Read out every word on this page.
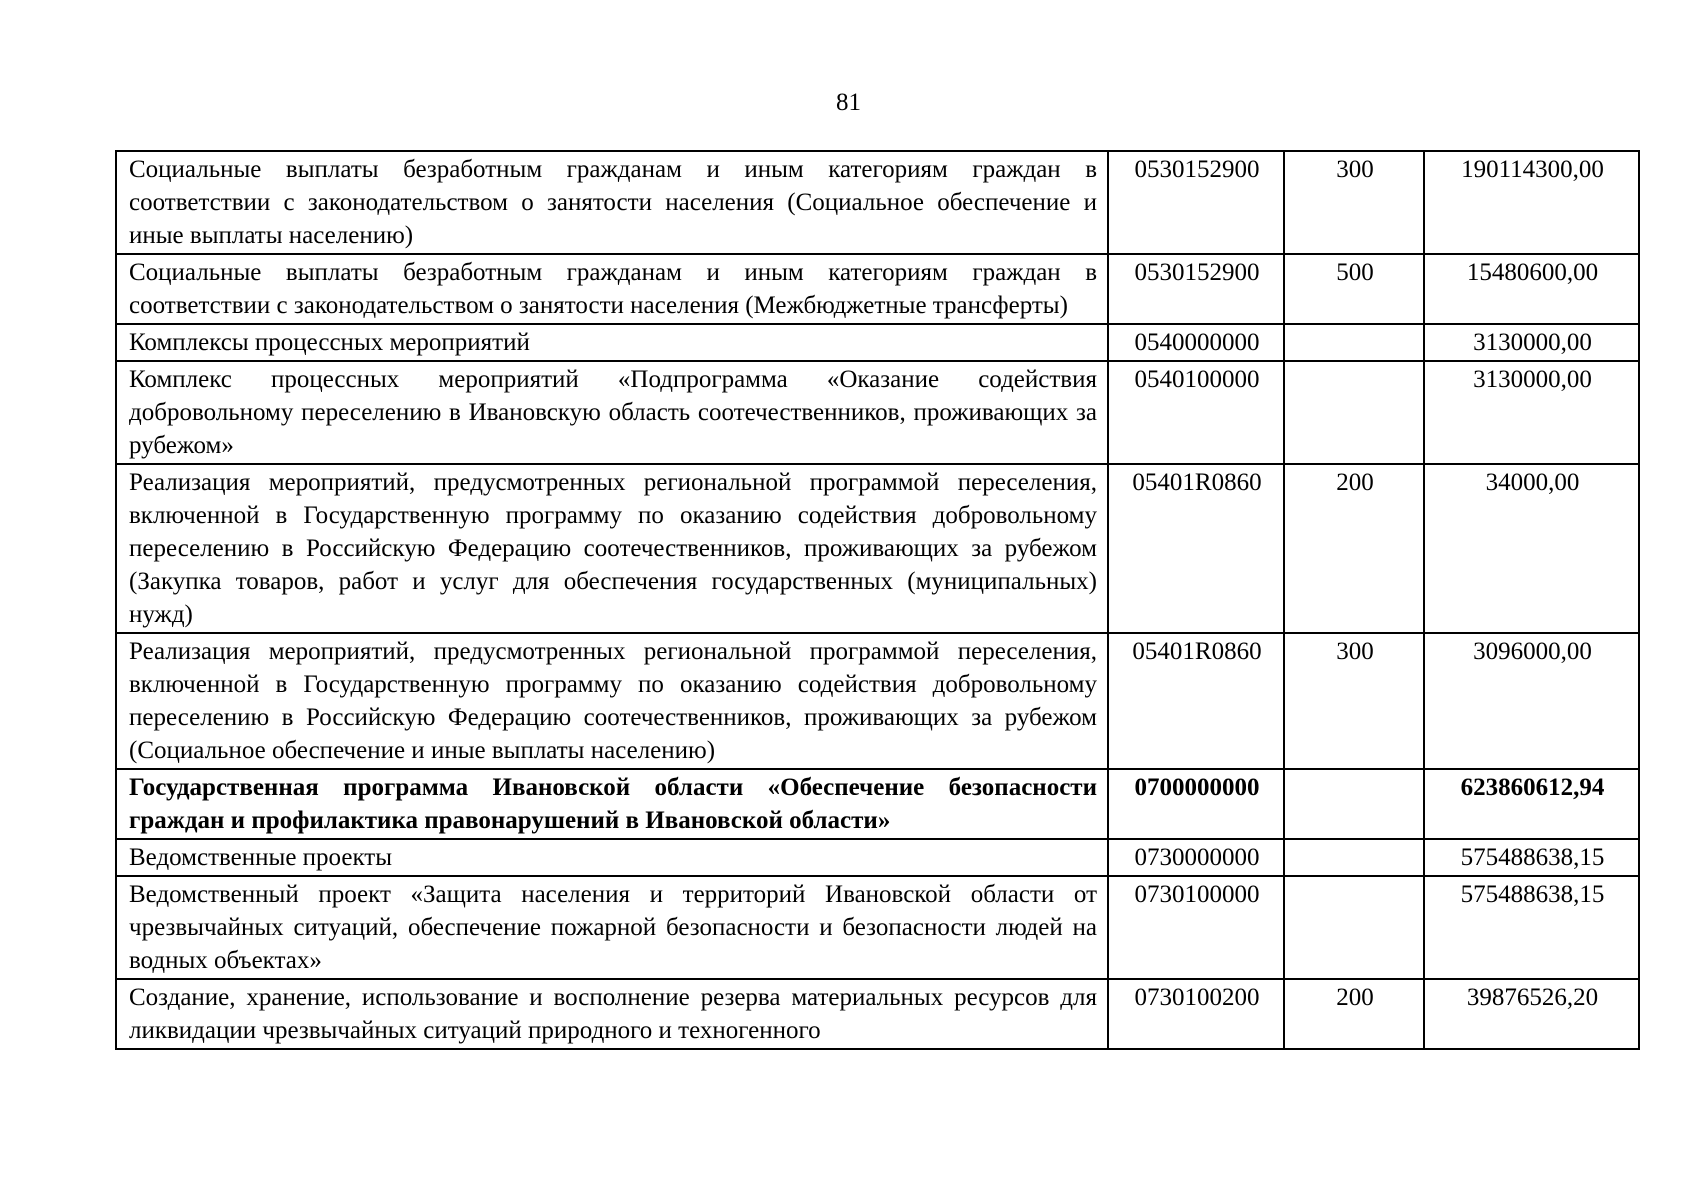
81
Социальные выплаты безработным гражданам и иным категориям граждан в соответствии с законодательством о занятости населения (Социальное обеспечение и иные выплаты населению)	0530152900	300	190114300,00
Социальные выплаты безработным гражданам и иным категориям граждан в соответствии с законодательством о занятости населения (Межбюджетные трансферты)	0530152900	500	15480600,00
Комплексы процессных мероприятий	0540000000		3130000,00
Комплекс процессных мероприятий «Подпрограмма «Оказание содействия добровольному переселению в Ивановскую область соотечественников, проживающих за рубежом»	0540100000		3130000,00
Реализация мероприятий, предусмотренных региональной программой переселения, включенной в Государственную программу по оказанию содействия добровольному переселению в Российскую Федерацию соотечественников, проживающих за рубежом (Закупка товаров, работ и услуг для обеспечения государственных (муниципальных) нужд)	05401R0860	200	34000,00
Реализация мероприятий, предусмотренных региональной программой переселения, включенной в Государственную программу по оказанию содействия добровольному переселению в Российскую Федерацию соотечественников, проживающих за рубежом (Социальное обеспечение и иные выплаты населению)	05401R0860	300	3096000,00
Государственная программа Ивановской области «Обеспечение безопасности граждан и профилактика правонарушений в Ивановской области»	0700000000		623860612,94
Ведомственные проекты	0730000000		575488638,15
Ведомственный проект «Защита населения и территорий Ивановской области от чрезвычайных ситуаций, обеспечение пожарной безопасности и безопасности людей на водных объектах»	0730100000		575488638,15
Создание, хранение, использование и восполнение резерва материальных ресурсов для ликвидации чрезвычайных ситуаций природного и техногенного	0730100200	200	39876526,20
